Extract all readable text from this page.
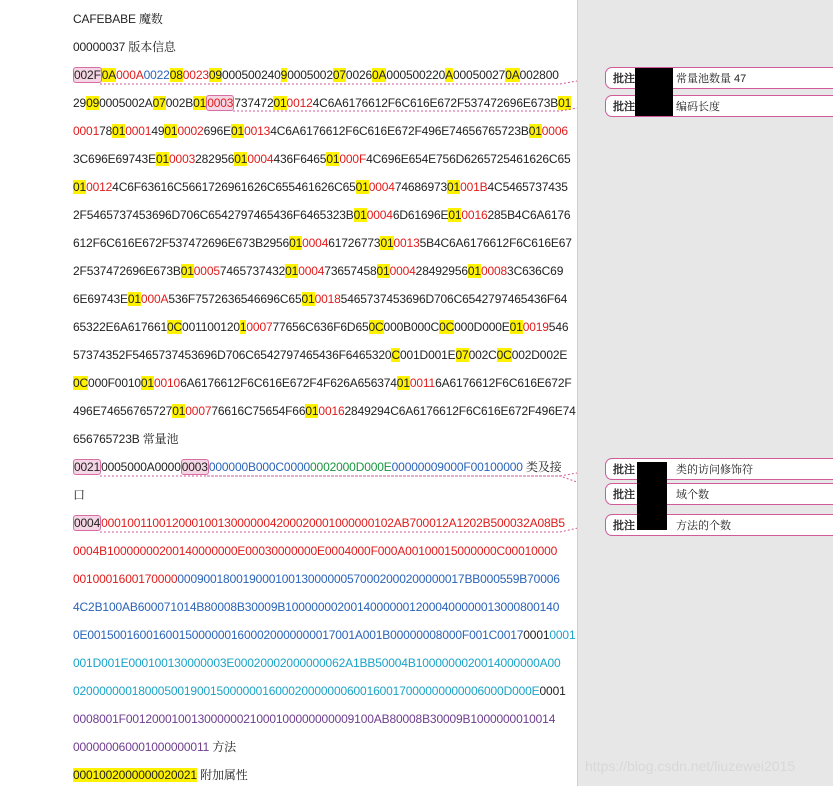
CAFEBABE 魔数
00000037 版本信息
002F0A000A002208002309000500240900050020700260A000500220A000500270A002800
29090005002A07002B0100037374720100124C6A6176612F6C616E672F537472696E673B01
00017801000149010002696E0100134C6A6176612F6C616E672F496E74656765723B010006
3C696E69743E010003282956010004436F646501000F4C696E654E756D6265725461626C65
0100124C6F63616C5661726961626C655461626C650100047468697301001B4C5465737435
2F5465737453696D706C6542797465436F6465323B0100046D61696E010016285B4C6A6176
612F6C616E672F537472696E673B2956010004617267730100135B4C6A6176612F6C616E67
2F537472696E673B010005746573743201000473657458010004284929560100083C636C69
6E69743E01000A536F7572636546696C650100185465737453696D706C6542797465436F64
65322E6A6176610C0011001201000777656C636F6D650C000B000C0C000D000E010019546
57374352F5465737453696D706C6542797465436F6465320C001D001E07002C0C002D002E
0C000F00100100106A6176612F6C616E672F4F626A6563740100116A6176612F6C616E672F
496E7465676572701000776616C75654F660100162849294C6A6176612F6C616E672F496E74
656765723B 常量池
00210005000A00000003000000B000C00000002000D000E00000009000F00100000 类及接
口
0004000100110012000100130000004200020001000000102AB700012A1202B500032A08B5
0004B10000000200140000000E00030000000E0004000F000A00100015000000C00010000
001000160017000000090018001900010013000000570002000200000017BB000559B70006
4C2B100AB600071014B80008B30009B100000002001400000012000400000013000800140
0E00150016001600150000001600020000000017001A001B00000008000F001C001700010001
001D001E000100130000003E00020002000000062A1BB50004B1000000020014000000A00
020000000180005001900150000001600020000000600160017000000000006000D000E0001
0008001F00120001001300000021000100000000009100AB80008B30009B1000000010014
000000060001000000011 方法
0001002000000020021 附加属性
批注	常量池数量 47
批注	编码长度
批注	类的访问修饰符
批注	域个数
批注	方法的个数
https://blog.csdn.net/liuzewei2015
